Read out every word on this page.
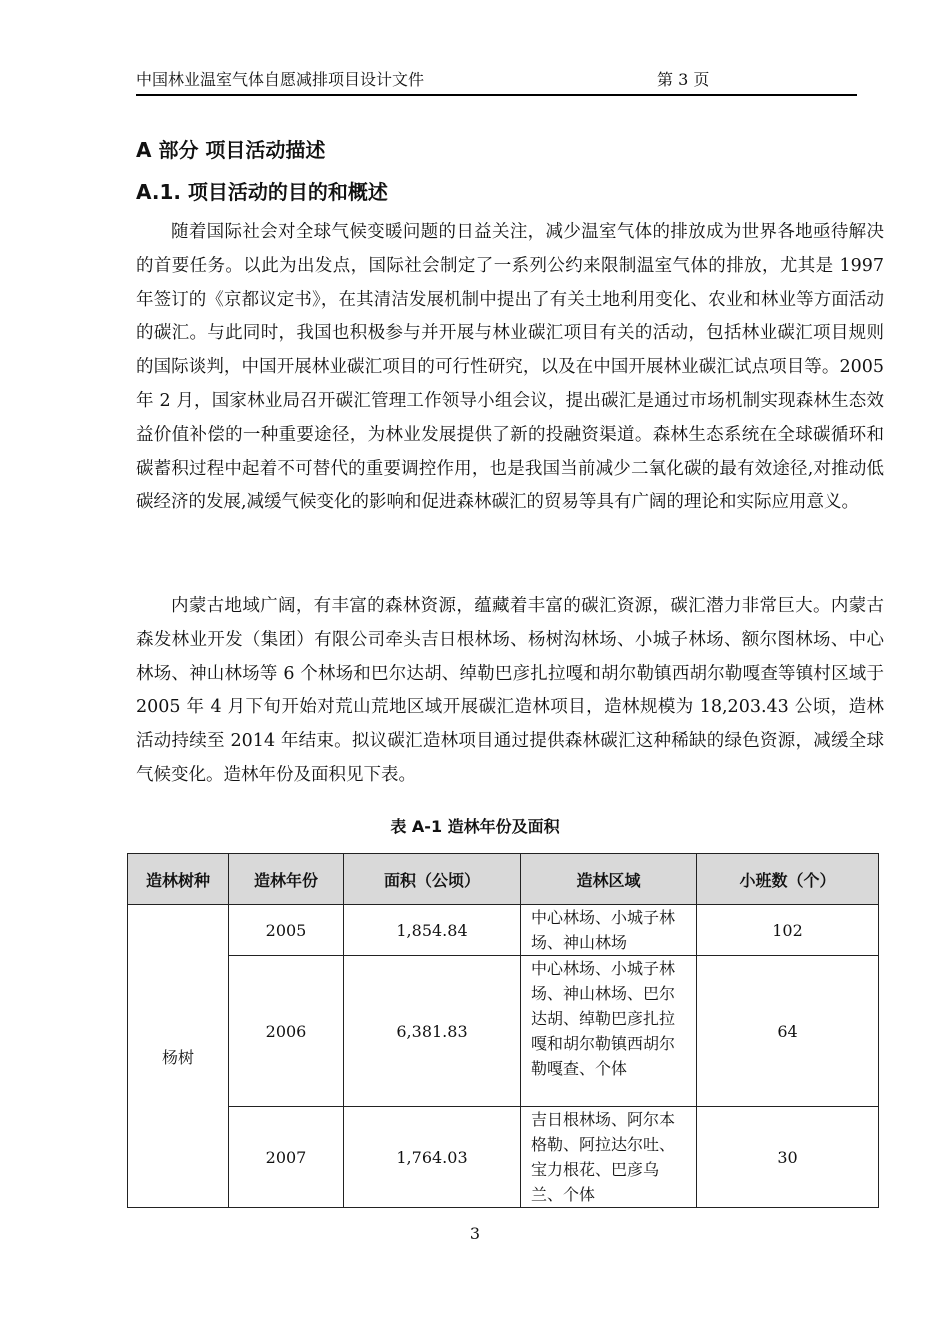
中国林业温室气体自愿减排项目设计文件	第 3 页
A 部分 项目活动描述
A.1. 项目活动的目的和概述

随着国际社会对全球气候变暖问题的日益关注，减少温室气体的排放成为世界各地亟待解决的首要任务。以此为出发点，国际社会制定了一系列公约来限制温室气体的排放，尤其是 1997 年签订的《京都议定书》，在其清洁发展机制中提出了有关土地利用变化、农业和林业等方面活动的碳汇。与此同时，我国也积极参与并开展与林业碳汇项目有关的活动，包括林业碳汇项目规则的国际谈判，中国开展林业碳汇项目的可行性研究，以及在中国开展林业碳汇试点项目等。2005 年 2 月，国家林业局召开碳汇管理工作领导小组会议，提出碳汇是通过市场机制实现森林生态效益价值补偿的一种重要途径，为林业发展提供了新的投融资渠道。森林生态系统在全球碳循环和碳蓄积过程中起着不可替代的重要调控作用，也是我国当前减少二氧化碳的最有效途径,对推动低碳经济的发展,减缓气候变化的影响和促进森林碳汇的贸易等具有广阔的理论和实际应用意义。

内蒙古地域广阔，有丰富的森林资源，蕴藏着丰富的碳汇资源，碳汇潜力非常巨大。内蒙古森发林业开发（集团）有限公司牵头吉日根林场、杨树沟林场、小城子林场、额尔图林场、中心林场、神山林场等 6 个林场和巴尔达胡、绰勒巴彦扎拉嘎和胡尔勒镇西胡尔勒嘎查等镇村区域于 2005 年 4 月下旬开始对荒山荒地区域开展碳汇造林项目，造林规模为 18,203.43 公顷，造林活动持续至 2014 年结束。拟议碳汇造林项目通过提供森林碳汇这种稀缺的绿色资源，减缓全球气候变化。造林年份及面积见下表。

表 A-1 造林年份及面积
造林树种	造林年份	面积（公顷）	造林区域	小班数（个）
杨树	2005	1,854.84	中心林场、小城子林场、神山林场	102
	2006	6,381.83	中心林场、小城子林场、神山林场、巴尔达胡、绰勒巴彦扎拉嘎和胡尔勒镇西胡尔勒嘎查、个体	64
	2007	1,764.03	吉日根林场、阿尔本格勒、阿拉达尔吐、宝力根花、巴彦乌兰、个体	30
3
